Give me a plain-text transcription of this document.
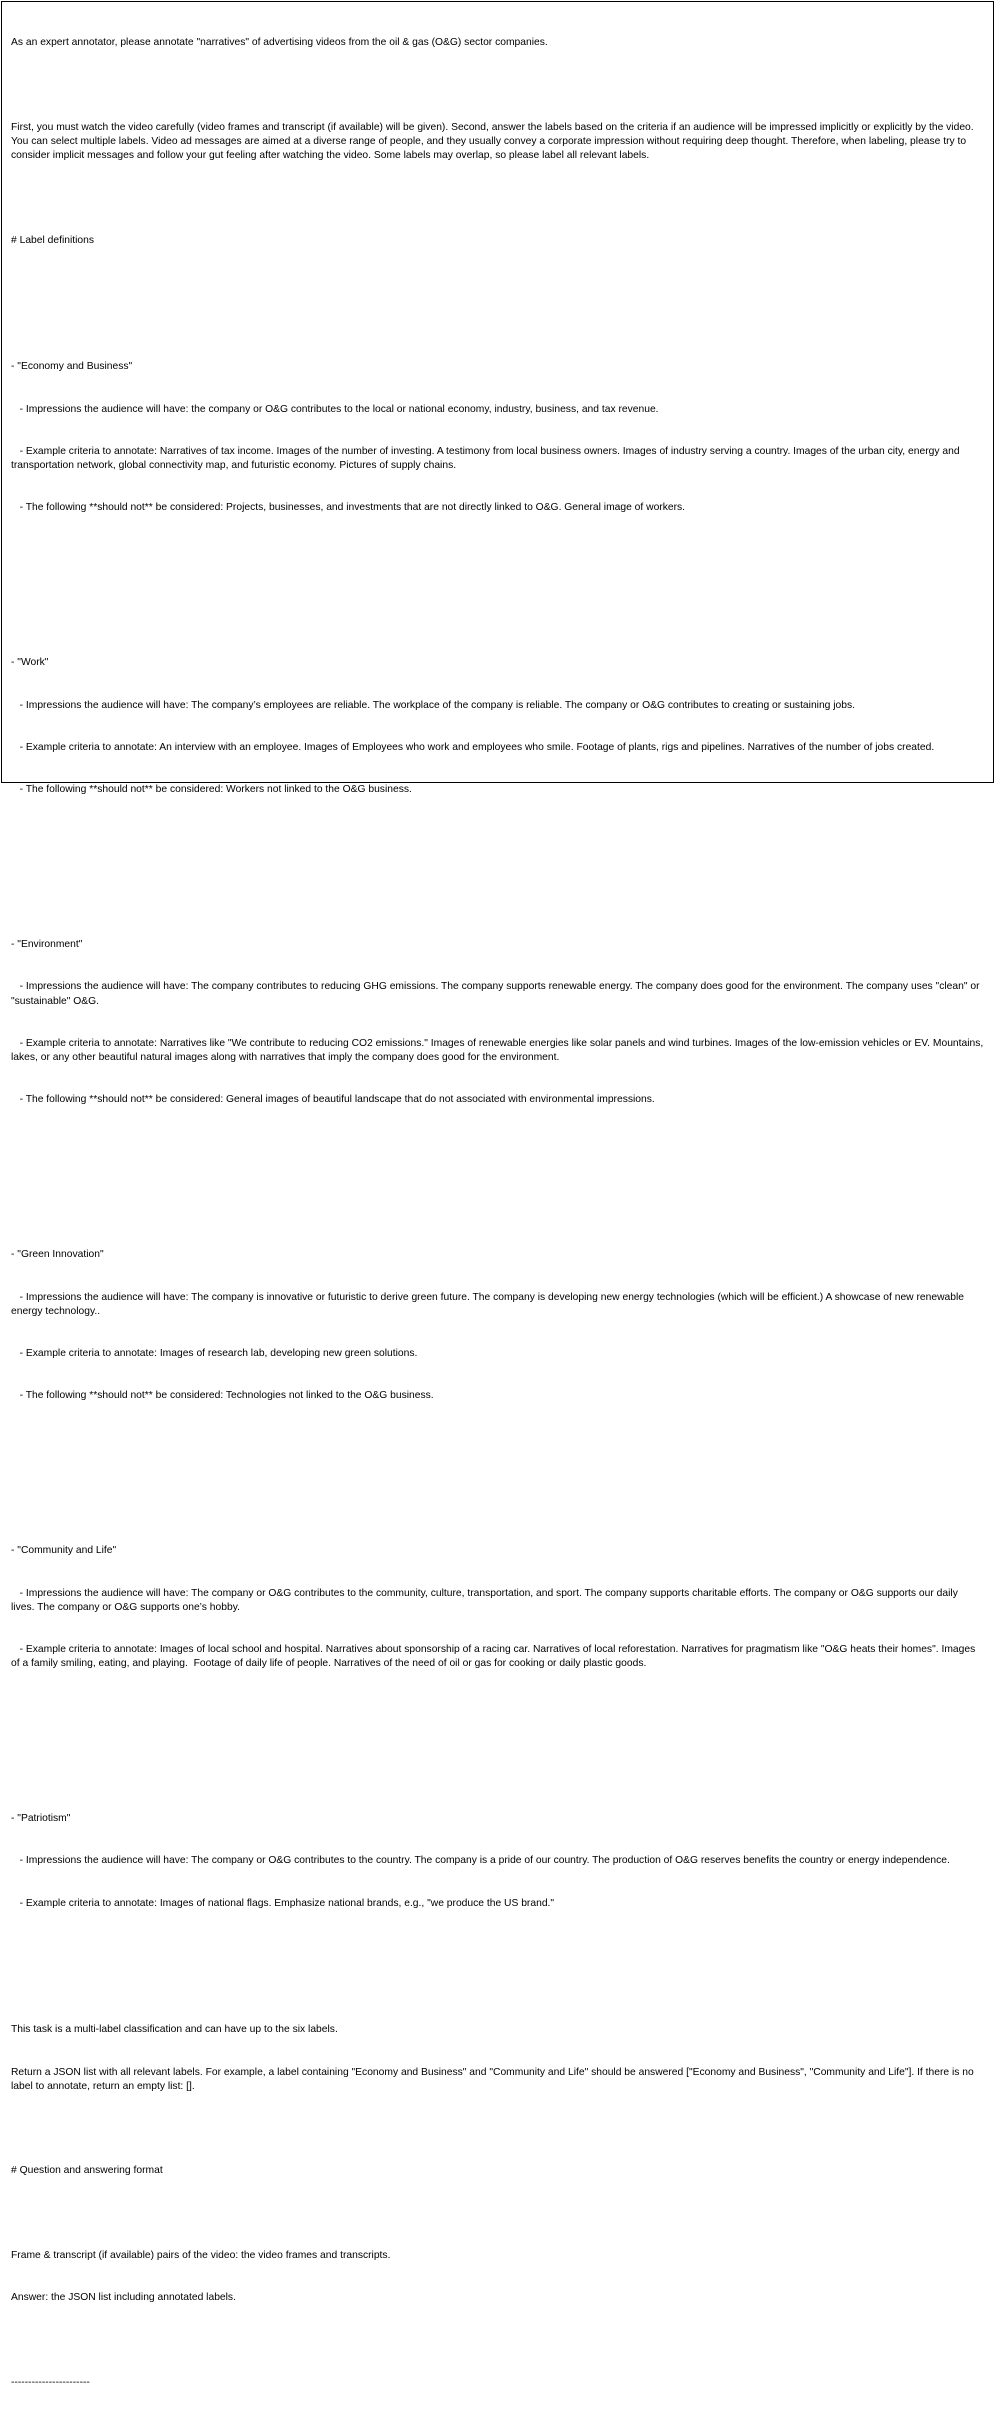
As an expert annotator, please annotate "narratives" of advertising videos from the oil & gas (O&G) sector companies.

First, you must watch the video carefully (video frames and transcript (if available) will be given). Second, answer the labels based on the criteria if an audience will be impressed implicitly or explicitly by the video. You can select multiple labels. Video ad messages are aimed at a diverse range of people, and they usually convey a corporate impression without requiring deep thought. Therefore, when labeling, please try to consider implicit messages and follow your gut feeling after watching the video. Some labels may overlap, so please label all relevant labels.

# Label definitions

- "Economy and Business"

- Impressions the audience will have: the company or O&G contributes to the local or national economy, industry, business, and tax revenue.

- Example criteria to annotate: Narratives of tax income. Images of the number of investing. A testimony from local business owners. Images of industry serving a country. Images of the urban city, energy and transportation network, global connectivity map, and futuristic economy. Pictures of supply chains.

- The following **should not** be considered: Projects, businesses, and investments that are not directly linked to O&G. General image of workers.

- "Work"

- Impressions the audience will have: The company’s employees are reliable. The workplace of the company is reliable. The company or O&G contributes to creating or sustaining jobs.

- Example criteria to annotate: An interview with an employee. Images of Employees who work and employees who smile. Footage of plants, rigs and pipelines. Narratives of the number of jobs created.

- The following **should not** be considered: Workers not linked to the O&G business.

- "Environment"

- Impressions the audience will have: The company contributes to reducing GHG emissions. The company supports renewable energy. The company does good for the environment. The company uses "clean" or "sustainable" O&G.

- Example criteria to annotate: Narratives like "We contribute to reducing CO2 emissions." Images of renewable energies like solar panels and wind turbines. Images of the low-emission vehicles or EV. Mountains, lakes, or any other beautiful natural images along with narratives that imply the company does good for the environment.

- The following **should not** be considered: General images of beautiful landscape that do not associated with environmental impressions.

- "Green Innovation"

- Impressions the audience will have: The company is innovative or futuristic to derive green future. The company is developing new energy technologies (which will be efficient.) A showcase of new renewable energy technology..

- Example criteria to annotate: Images of research lab, developing new green solutions.

- The following **should not** be considered: Technologies not linked to the O&G business.

- "Community and Life"

- Impressions the audience will have: The company or O&G contributes to the community, culture, transportation, and sport. The company supports charitable efforts. The company or O&G supports our daily lives. The company or O&G supports one’s hobby.

- Example criteria to annotate: Images of local school and hospital. Narratives about sponsorship of a racing car. Narratives of local reforestation. Narratives for pragmatism like "O&G heats their homes". Images of a family smiling, eating, and playing.  Footage of daily life of people. Narratives of the need of oil or gas for cooking or daily plastic goods.

- "Patriotism"

- Impressions the audience will have: The company or O&G contributes to the country. The company is a pride of our country. The production of O&G reserves benefits the country or energy independence.

- Example criteria to annotate: Images of national flags. Emphasize national brands, e.g., "we produce the US brand."

This task is a multi-label classification and can have up to the six labels.

Return a JSON list with all relevant labels. For example, a label containing "Economy and Business" and "Community and Life" should be answered ["Economy and Business", "Community and Life"]. If there is no label to annotate, return an empty list: [].

# Question and answering format

Frame & transcript (if available) pairs of the video: the video frames and transcripts.

Answer: the JSON list including annotated labels.

-----------------------
